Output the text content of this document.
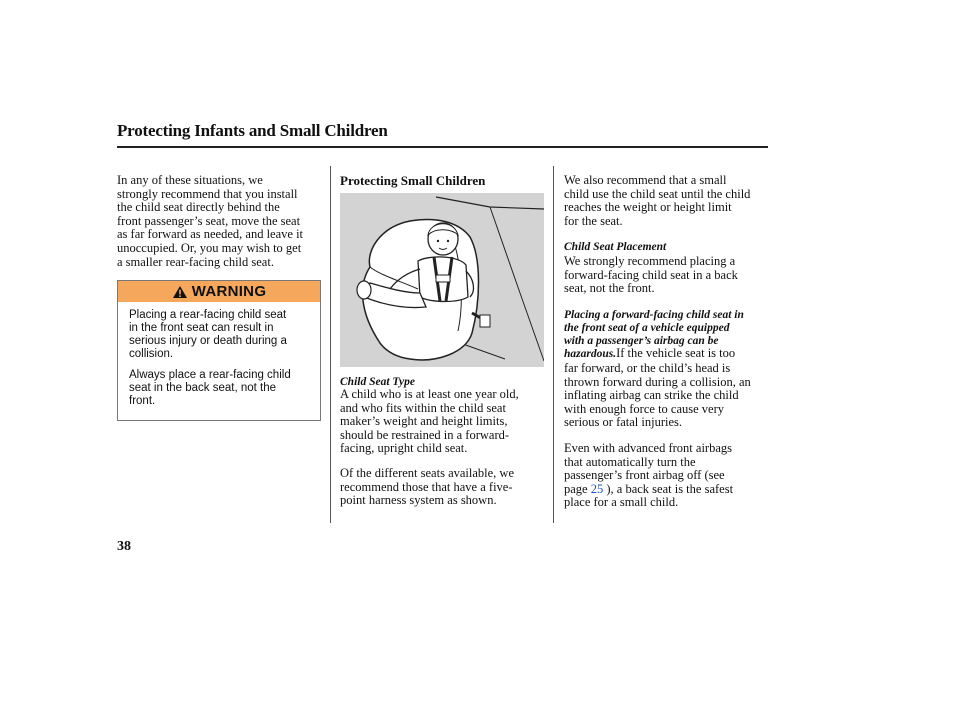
Protecting Infants and Small Children

In any of these situations, we
strongly recommend that you install
the child seat directly behind the
front passenger’s seat, move the seat
as far forward as needed, and leave it
unoccupied. Or, you may wish to get
a smaller rear-facing child seat.

WARNING

Placing a rear-facing child seat
in the front seat can result in
serious injury or death during a
collision.

Always place a rear-facing child
seat in the back seat, not the
front.

Protecting Small Children

Child Seat Type

A child who is at least one year old,
and who fits within the child seat
maker’s weight and height limits,
should be restrained in a forward-
facing, upright child seat.

Of the different seats available, we
recommend those that have a five-
point harness system as shown.

We also recommend that a small
child use the child seat until the child
reaches the weight or height limit
for the seat.

Child Seat Placement

We strongly recommend placing a
forward-facing child seat in a back
seat, not the front.

Placing a forward-facing child seat in
the front seat of a vehicle equipped
with a passenger’s airbag can be
hazardous.If the vehicle seat is too

far forward, or the child’s head is
thrown forward during a collision, an
inflating airbag can strike the child
with enough force to cause very
serious or fatal injuries.

Even with advanced front airbags
that automatically turn the
passenger’s front airbag off (see
page 25 ), a back seat is the safest
place for a small child.

38
